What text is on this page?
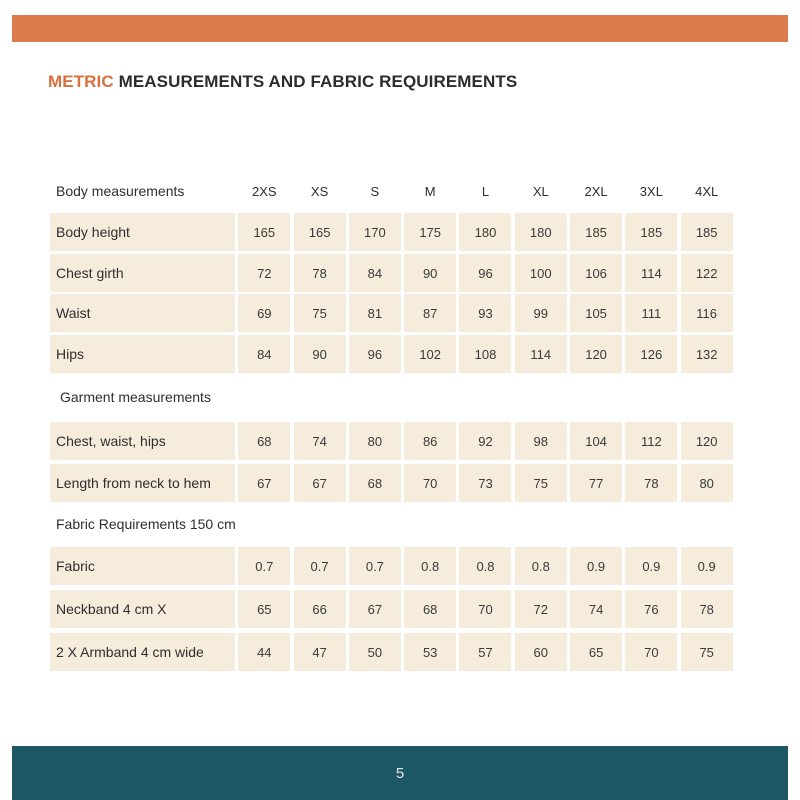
METRIC MEASUREMENTS AND FABRIC REQUIREMENTS
Body measurements	2XS	XS	S	M	L	XL	2XL	3XL	4XL
Body height	165	165	170	175	180	180	185	185	185
Chest girth	72	78	84	90	96	100	106	114	122
Waist	69	75	81	87	93	99	105	111	116
Hips	84	90	96	102	108	114	120	126	132
Garment measurements
Chest, waist, hips	68	74	80	86	92	98	104	112	120
Length from neck to hem	67	67	68	70	73	75	77	78	80
Fabric Requirements 150 cm
Fabric	0.7	0.7	0.7	0.8	0.8	0.8	0.9	0.9	0.9
Neckband 4 cm X	65	66	67	68	70	72	74	76	78
2 X Armband 4 cm wide	44	47	50	53	57	60	65	70	75
5
